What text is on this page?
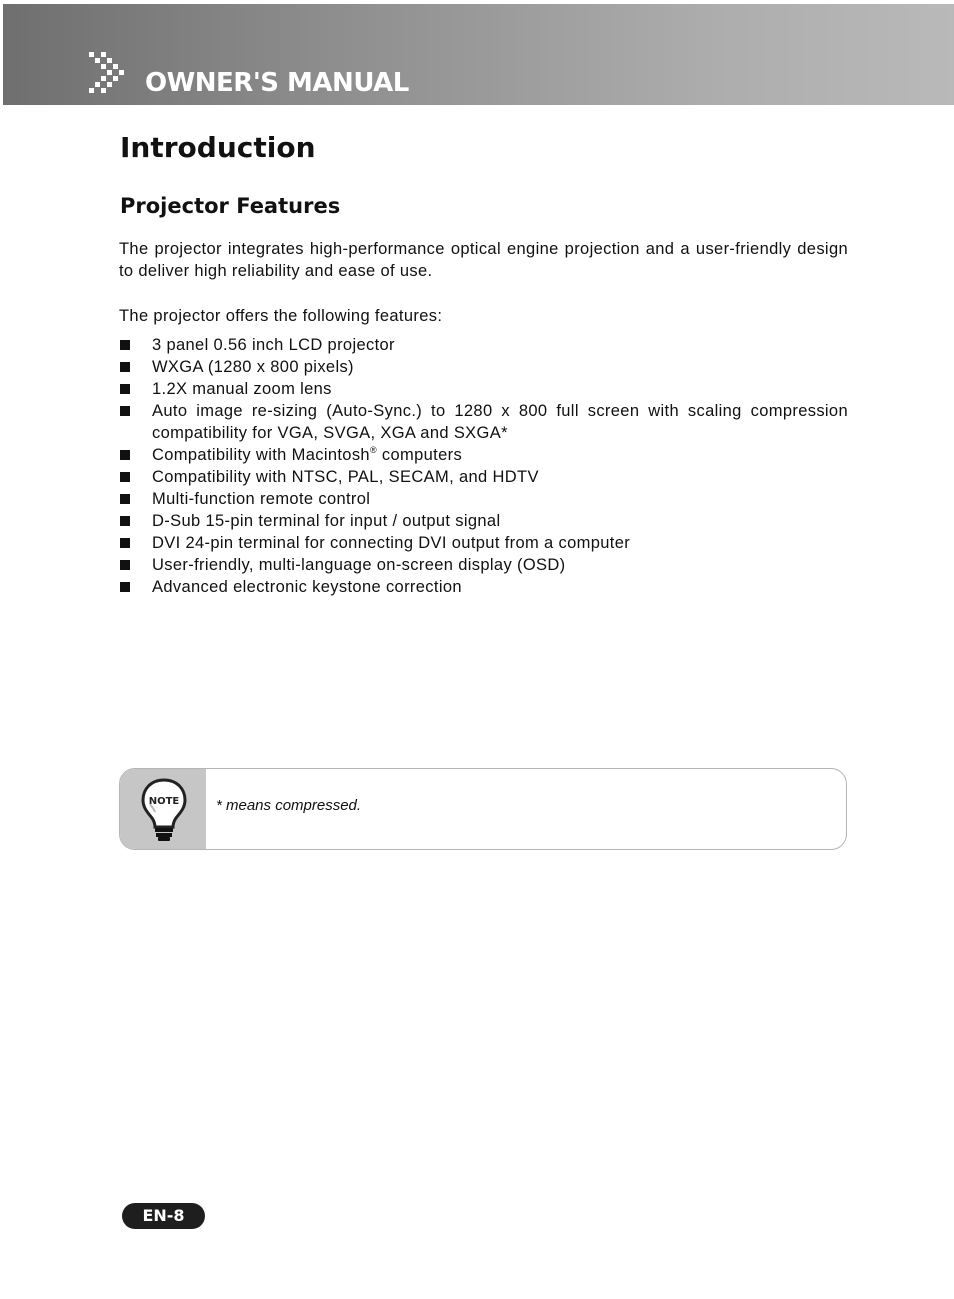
OWNER'S MANUAL
Introduction
Projector Features

The projector integrates high-performance optical engine projection and a user-friendly design to deliver high reliability and ease of use.

The projector offers the following features:

3 panel 0.56 inch LCD projector
WXGA (1280 x 800 pixels)
1.2X manual zoom lens
Auto image re-sizing (Auto-Sync.) to 1280 x 800 full screen with scaling compression compatibility for VGA, SVGA, XGA and SXGA*
Compatibility with Macintosh® computers
Compatibility with NTSC, PAL, SECAM, and HDTV
Multi-function remote control
D-Sub 15-pin terminal for input / output signal
DVI 24-pin terminal for connecting DVI output from a computer
User-friendly, multi-language on-screen display (OSD)
Advanced electronic keystone correction
NOTE * means compressed.
EN-8
